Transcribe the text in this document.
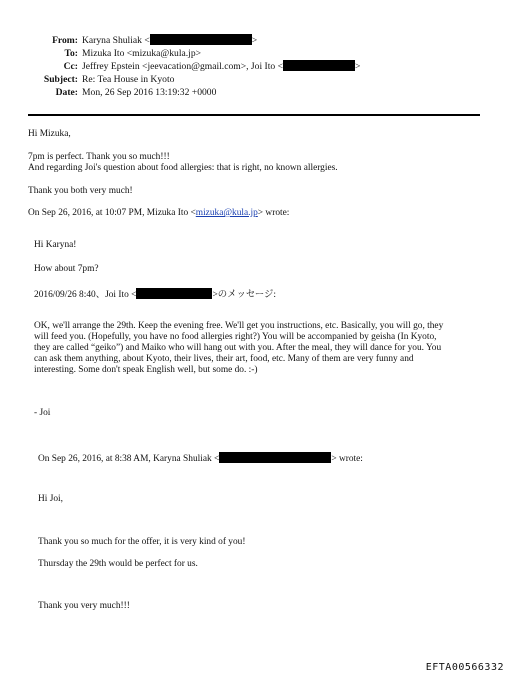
From: Karyna Shuliak <	>
To: Mizuka Ito <mizuka@kula.jp>
Cc: Jeffrey Epstein <jeevacation@gmail.com>, Joi Ito <	>
Subject: Re: Tea House in Kyoto
Date: Mon, 26 Sep 2016 13:19:32 +0000
Hi Mizuka,
7pm is perfect. Thank you so much!!!
And regarding Joi's question about food allergies: that is right, no known allergies.
Thank you both very much!
On Sep 26, 2016, at 10:07 PM, Mizuka Ito <mizuka@kula.jp> wrote:
Hi Karyna!
How about 7pm?
2016/09/26 8:40、Joi Ito <	>のメッセージ:
OK, we'll arrange the 29th. Keep the evening free. We'll get you instructions, etc. Basically, you will go, they
will feed you. (Hopefully, you have no food allergies right?) You will be accompanied by geisha (In Kyoto,
they are called “geiko”) and Maiko who will hang out with you. After the meal, they will dance for you. You
can ask them anything, about Kyoto, their lives, their art, food, etc. Many of them are very funny and
interesting. Some don't speak English well, but some do. :-)
- Joi
On Sep 26, 2016, at 8:38 AM, Karyna Shuliak <	> wrote:
Hi Joi,
Thank you so much for the offer, it is very kind of you!
Thursday the 29th would be perfect for us.
Thank you very much!!!
EFTA00566332
